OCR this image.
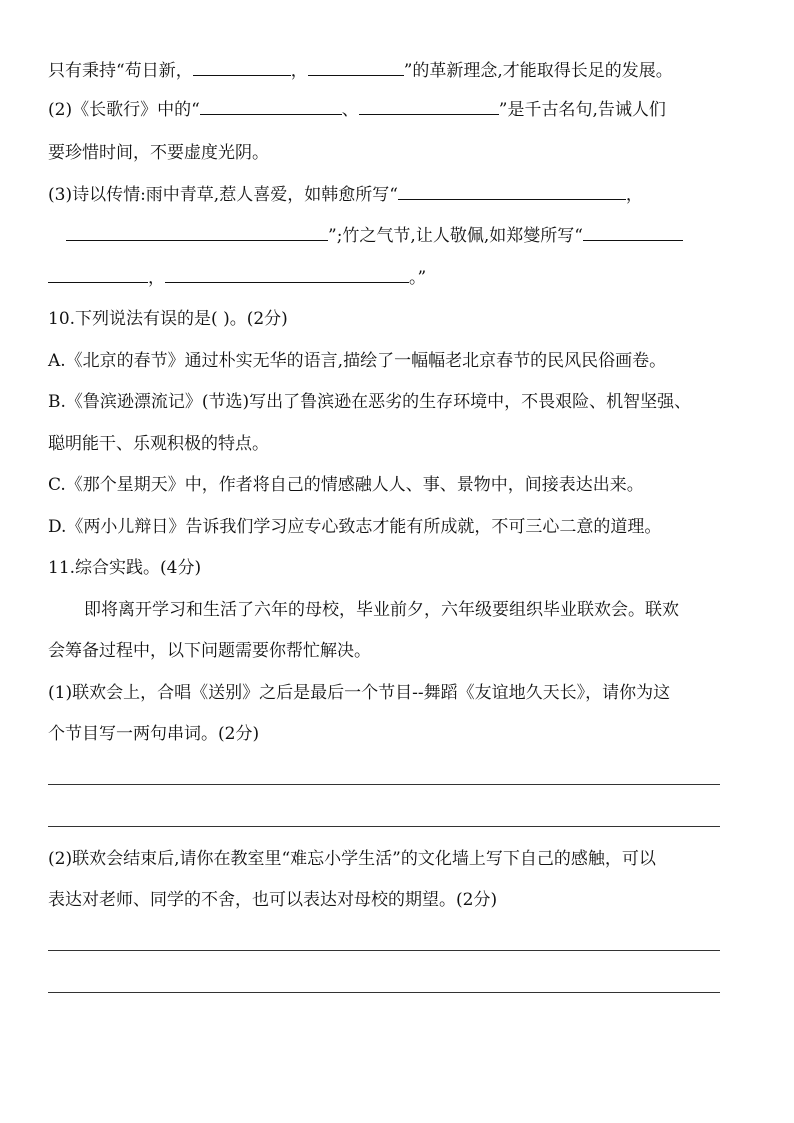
只有秉持“苟日新，	，	”的革新理念,才能取得长足的发展。
(2)《长歌行》中的“	、	”是千古名句,告诫人们
要珍惜时间，不要虚度光阴。
(3)诗以传情:雨中青草,惹人喜爱，如韩愈所写“	，
”;竹之气节,让人敬佩,如郑燮所写“
，	。”
10.下列说法有误的是( )。(2分)
A.《北京的春节》通过朴实无华的语言,描绘了一幅幅老北京春节的民风民俗画卷。
B.《鲁滨逊漂流记》(节选)写出了鲁滨逊在恶劣的生存环境中，不畏艰险、机智坚强、
聪明能干、乐观积极的特点。
C.《那个星期天》中，作者将自己的情感融人人、事、景物中，间接表达出来。
D.《两小儿辩日》告诉我们学习应专心致志才能有所成就，不可三心二意的道理。
11.综合实践。(4分)
即将离开学习和生活了六年的母校，毕业前夕，六年级要组织毕业联欢会。联欢
会筹备过程中，以下问题需要你帮忙解决。
(1)联欢会上，合唱《送别》之后是最后一个节目--舞蹈《友谊地久天长》，请你为这
个节目写一两句串词。(2分)
(2)联欢会结束后,请你在教室里“难忘小学生活”的文化墙上写下自己的感触，可以
表达对老师、同学的不舍，也可以表达对母校的期望。(2分)
